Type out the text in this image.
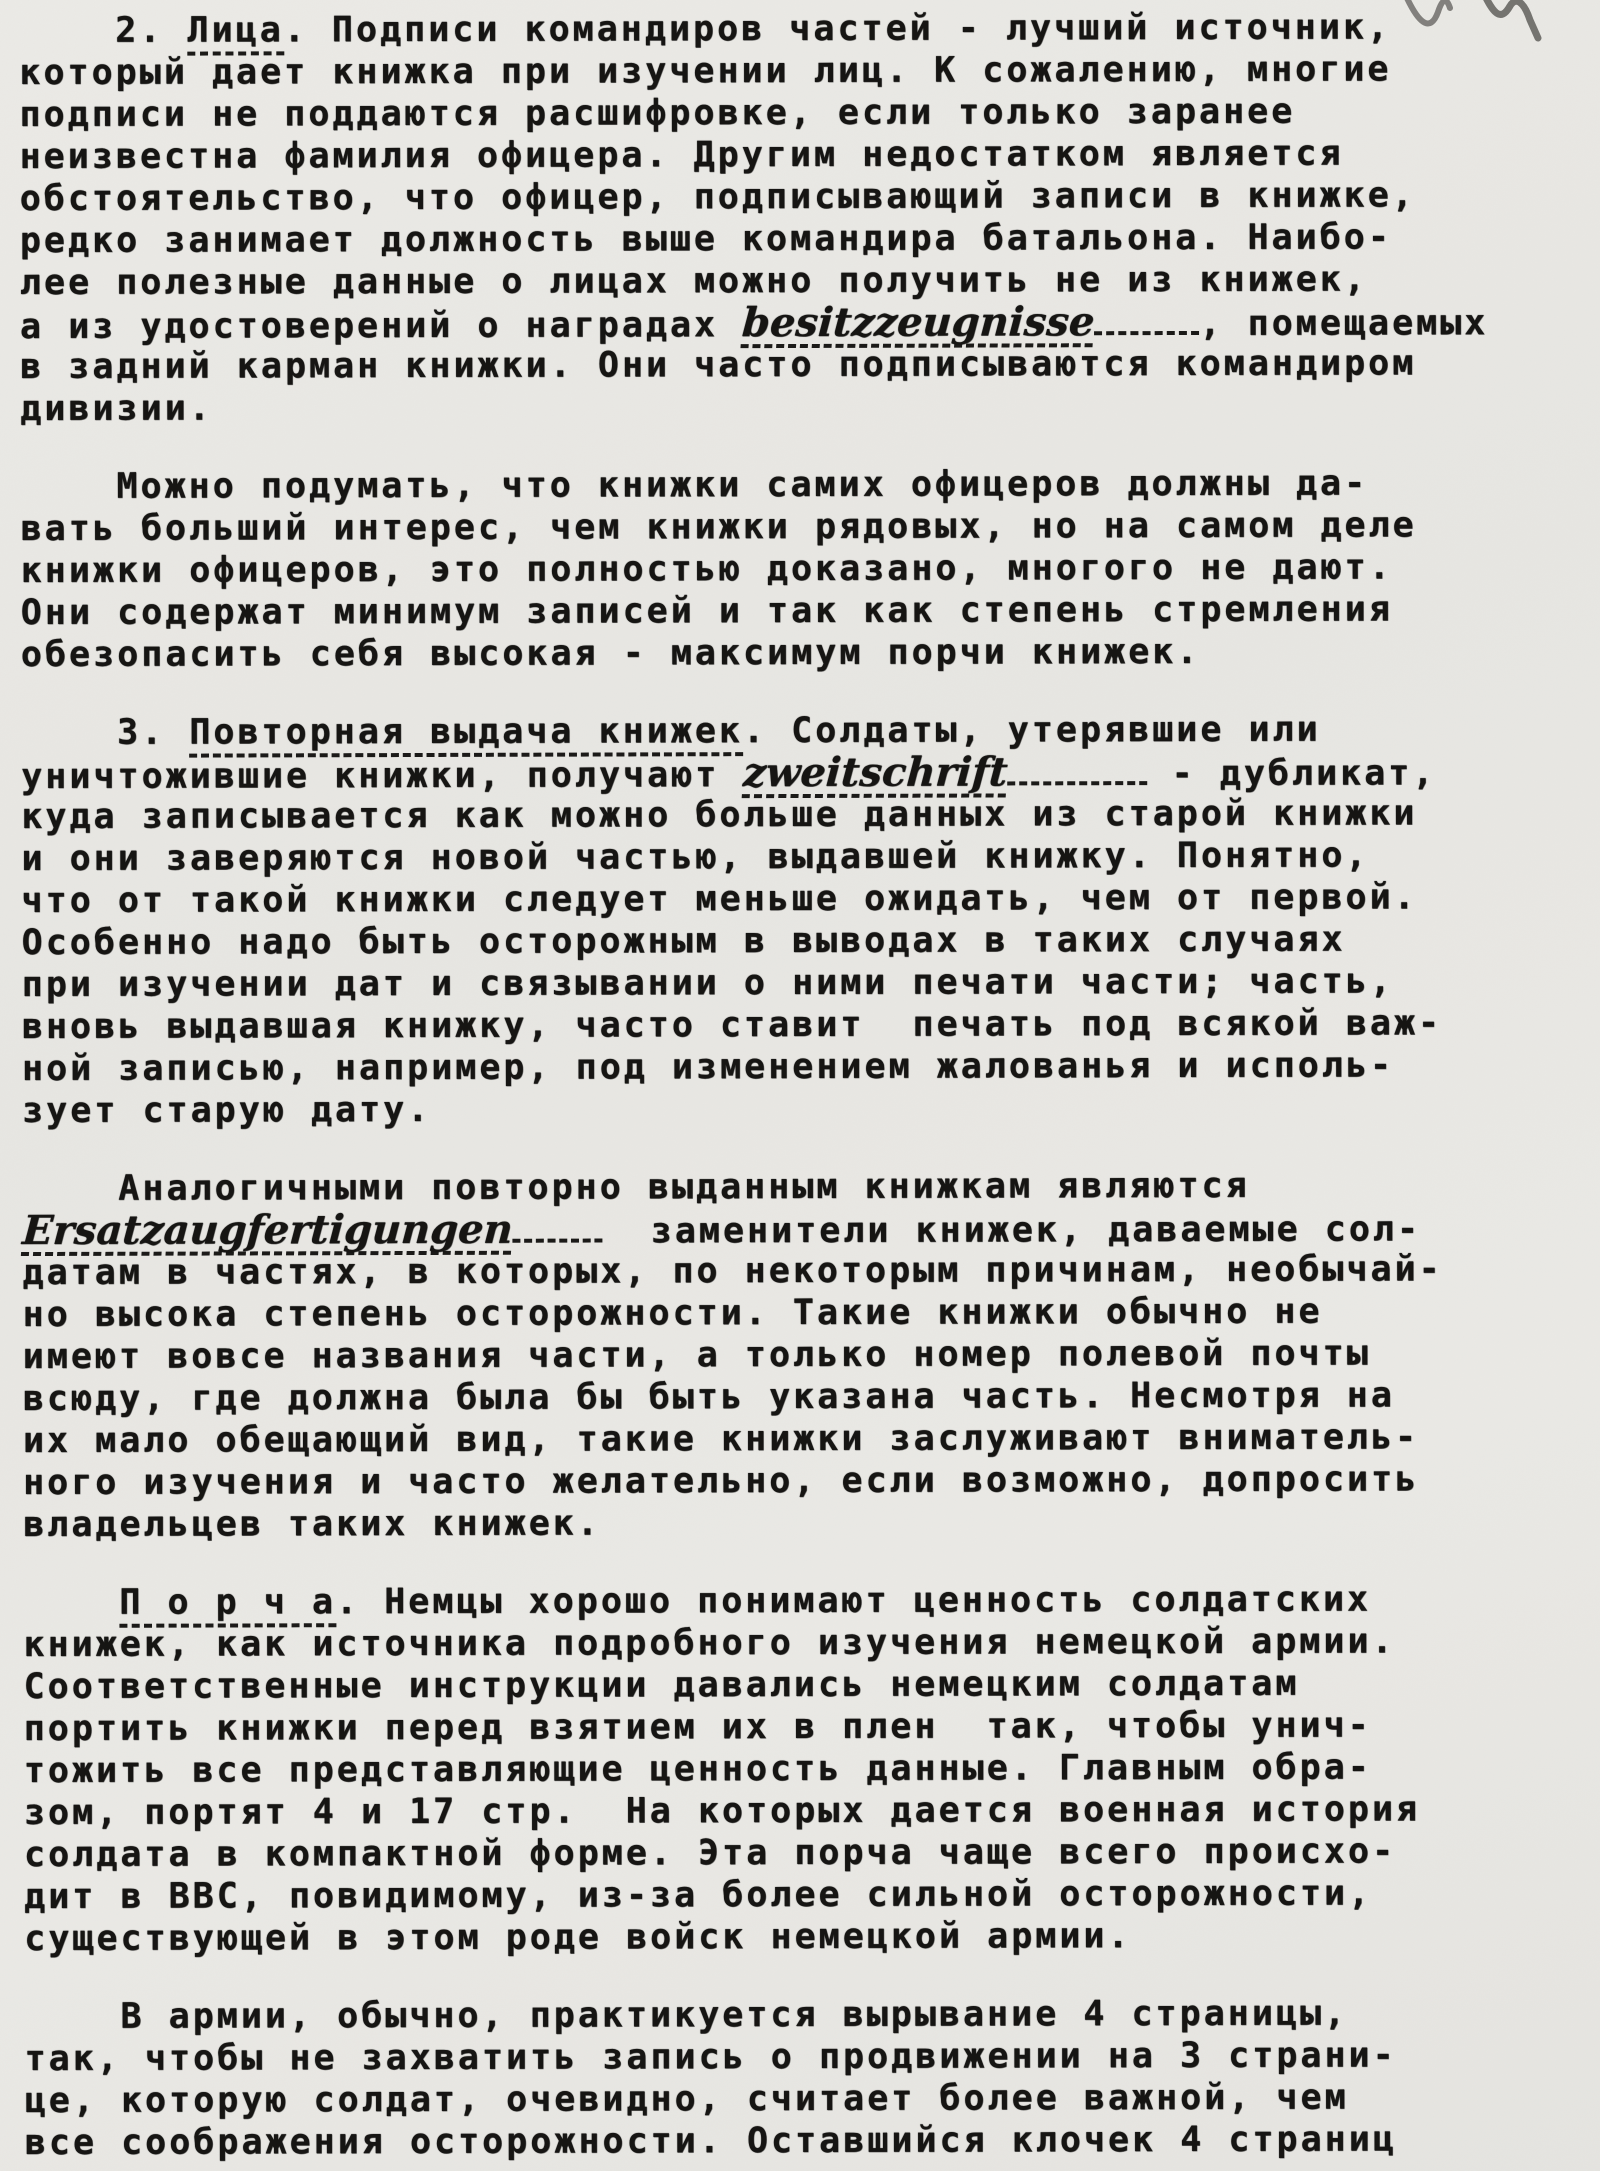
2. Лица. Подписи командиров частей - лучший источник,
который дает книжка при изучении лиц. К сожалению, многие
подписи не поддаются расшифровке, если только заранее
неизвестна фамилия офицера. Другим недостатком является
обстоятельство, что офицер, подписывающий записи в книжке,
редко занимает должность выше командира батальона. Наибо-
лее полезные данные о лицах можно получить не из книжек,
а из удостоверений о наградах besitzzeugnisse	, помещаемых
в задний карман книжки. Они часто подписываются командиром
дивизии.
Можно подумать, что книжки самих офицеров должны да-
вать больший интерес, чем книжки рядовых, но на самом деле
книжки офицеров, это полностью доказано, многого не дают.
Они содержат минимум записей и так как степень стремления
обезопасить себя высокая - максимум порчи книжек.
3. Повторная выдача книжек. Солдаты, утерявшие или
уничтожившие книжки, получают zweitschrift	- дубликат,
куда записывается как можно больше данных из старой книжки
и они заверяются новой частью, выдавшей книжку. Понятно,
что от такой книжки следует меньше ожидать, чем от первой.
Особенно надо быть осторожным в выводах в таких случаях
при изучении дат и связывании о ними печати части; часть,
вновь выдавшая книжку, часто ставит  печать под всякой важ-
ной записью, например, под изменением жалованья и исполь-
зует старую дату.
Аналогичными повторно выданным книжкам являются
Ersatzaugfertigungen	заменители книжек, даваемые сол-
датам в частях, в которых, по некоторым причинам, необычай-
но высока степень осторожности. Такие книжки обычно не
имеют вовсе названия части, а только номер полевой почты
всюду, где должна была бы быть указана часть. Несмотря на
их мало обещающий вид, такие книжки заслуживают вниматель-
ного изучения и часто желательно, если возможно, допросить
владельцев таких книжек.
П о р ч а. Немцы хорошо понимают ценность солдатских
книжек, как источника подробного изучения немецкой армии.
Соответственные инструкции давались немецким солдатам
портить книжки перед взятием их в плен  так, чтобы унич-
тожить все представляющие ценность данные. Главным обра-
зом, портят 4 и 17 стр.  На которых дается военная история
солдата в компактной форме. Эта порча чаще всего происхо-
дит в ВВС, повидимому, из-за более сильной осторожности,
существующей в этом роде войск немецкой армии.
В армии, обычно, практикуется вырывание 4 страницы,
так, чтобы не захватить запись о продвижении на 3 страни-
це, которую солдат, очевидно, считает более важной, чем
все соображения осторожности. Оставшийся клочек 4 страниц
